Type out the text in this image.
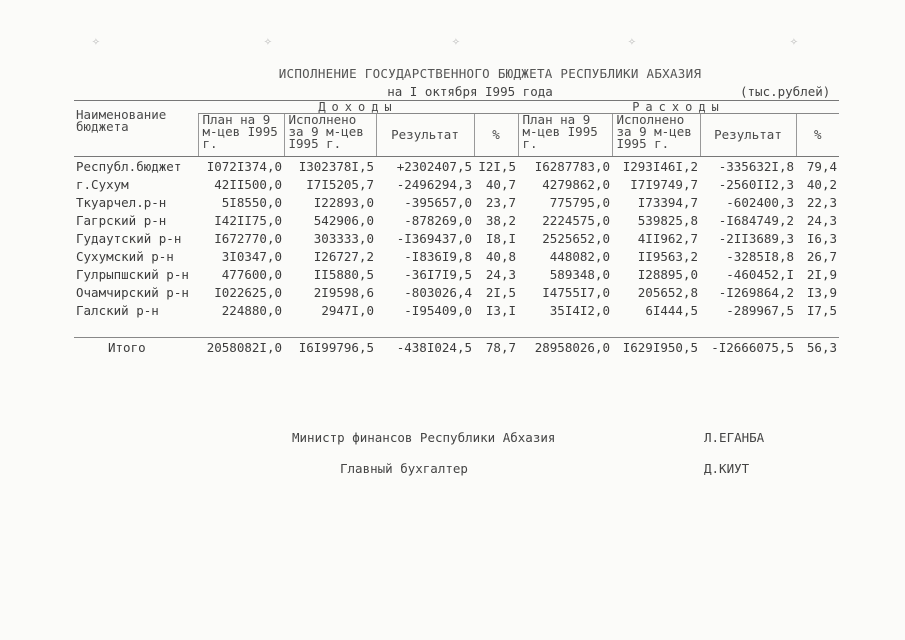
✧	✧	✧	✧	✧
ИСПОЛНЕНИЕ ГОСУДАРСТВЕННОГО БЮДЖЕТА РЕСПУБЛИКИ АБХАЗИЯ
на I октября I995 года	(тыс.рублей)
Наименование бюджета	Доходы				Расходы			
	План на 9 м-цев I995 г.	Исполнено за 9 м-цев I995 г.	Результат	%	План на 9 м-цев I995 г.	Исполнено за 9 м-цев I995 г.	Результат	%
Республ.бюджет	I072I374,0	I302378I,5	+2302407,5	I2I,5	I6287783,0	I293I46I,2	-335632I,8	79,4
г.Сухум	42II500,0	I7I5205,7	-2496294,3	40,7	4279862,0	I7I9749,7	-2560II2,3	40,2
Ткуарчел.р-н	5I8550,0	I22893,0	-395657,0	23,7	775795,0	I73394,7	-602400,3	22,3
Гагрский р-н	I42II75,0	542906,0	-878269,0	38,2	2224575,0	539825,8	-I684749,2	24,3
Гудаутский р-н	I672770,0	303333,0	-I369437,0	I8,I	2525652,0	4II962,7	-2II3689,3	I6,3
Сухумский р-н	3I0347,0	I26727,2	-I836I9,8	40,8	448082,0	II9563,2	-3285I8,8	26,7
Гулрыпшский р-н	477600,0	II5880,5	-36I7I9,5	24,3	589348,0	I28895,0	-460452,I	2I,9
Очамчирский р-н	I022625,0	2I9598,6	-803026,4	2I,5	I4755I7,0	205652,8	-I269864,2	I3,9
Галский р-н	224880,0	2947I,0	-I95409,0	I3,I	35I4I2,0	6I444,5	-289967,5	I7,5

Итого	2058082I,0	I6I99796,5	-438I024,5	78,7	28958026,0	I629I950,5	-I2666075,5	56,3
Министр финансов Республики Абхазия	Л.ЕГАНБА
Главный бухгалтер	Д.КИУТ
